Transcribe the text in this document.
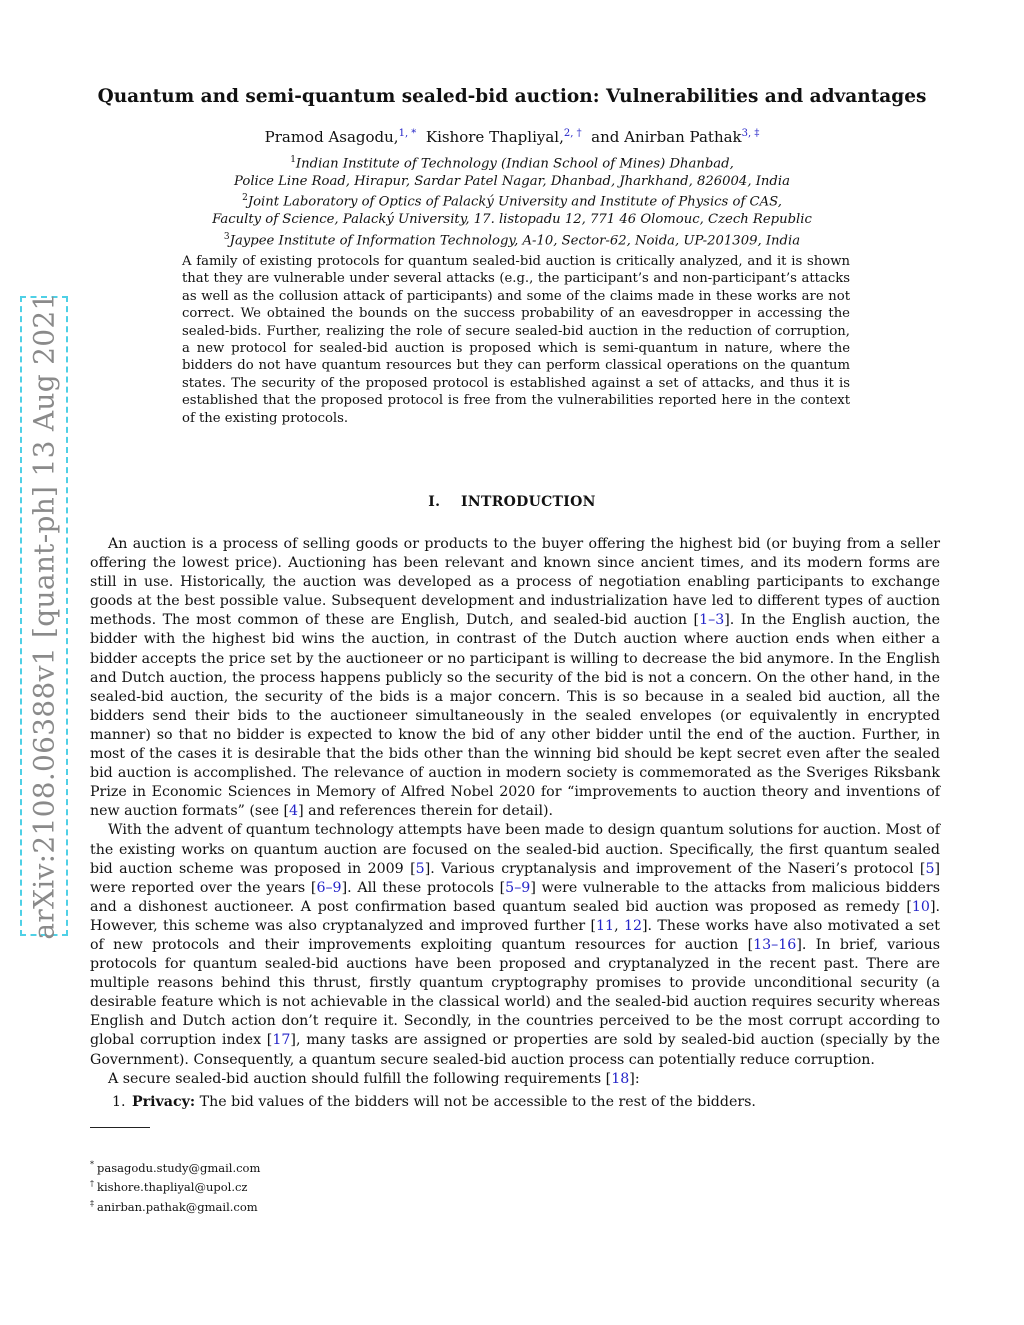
arXiv:2108.06388v1 [quant-ph] 13 Aug 2021
Quantum and semi-quantum sealed-bid auction: Vulnerabilities and advantages
Pramod Asagodu,$^{1, *}$ Kishore Thapliyal,$^{2, \dagger}$ and Anirban Pathak$^{3, \ddagger}$
$^1$Indian Institute of Technology (Indian School of Mines) Dhanbad,
Police Line Road, Hirapur, Sardar Patel Nagar, Dhanbad, Jharkhand, 826004, India
$^2$Joint Laboratory of Optics of Palacký University and Institute of Physics of CAS,
Faculty of Science, Palacký University, 17. listopadu 12, 771 46 Olomouc, Czech Republic
$^3$Jaypee Institute of Information Technology, A-10, Sector-62, Noida, UP-201309, India
A family of existing protocols for quantum sealed-bid auction is critically analyzed, and it is shown that they are vulnerable under several attacks (e.g., the participant’s and non-participant’s attacks as well as the collusion attack of participants) and some of the claims made in these works are not correct. We obtained the bounds on the success probability of an eavesdropper in accessing the sealed-bids. Further, realizing the role of secure sealed-bid auction in the reduction of corruption, a new protocol for sealed-bid auction is proposed which is semi-quantum in nature, where the bidders do not have quantum resources but they can perform classical operations on the quantum states. The security of the proposed protocol is established against a set of attacks, and thus it is established that the proposed protocol is free from the vulnerabilities reported here in the context of the existing protocols.
I. INTRODUCTION

An auction is a process of selling goods or products to the buyer offering the highest bid (or buying from a seller offering the lowest price). Auctioning has been relevant and known since ancient times, and its modern forms are still in use. Historically, the auction was developed as a process of negotiation enabling participants to exchange goods at the best possible value. Subsequent development and industrialization have led to different types of auction methods. The most common of these are English, Dutch, and sealed-bid auction [1–3]. In the English auction, the bidder with the highest bid wins the auction, in contrast of the Dutch auction where auction ends when either a bidder accepts the price set by the auctioneer or no participant is willing to decrease the bid anymore. In the English and Dutch auction, the process happens publicly so the security of the bid is not a concern. On the other hand, in the sealed-bid auction, the security of the bids is a major concern. This is so because in a sealed bid auction, all the bidders send their bids to the auctioneer simultaneously in the sealed envelopes (or equivalently in encrypted manner) so that no bidder is expected to know the bid of any other bidder until the end of the auction. Further, in most of the cases it is desirable that the bids other than the winning bid should be kept secret even after the sealed bid auction is accomplished. The relevance of auction in modern society is commemorated as the Sveriges Riksbank Prize in Economic Sciences in Memory of Alfred Nobel 2020 for “improvements to auction theory and inventions of new auction formats” (see [4] and references therein for detail).

With the advent of quantum technology attempts have been made to design quantum solutions for auction. Most of the existing works on quantum auction are focused on the sealed-bid auction. Specifically, the first quantum sealed bid auction scheme was proposed in 2009 [5]. Various cryptanalysis and improvement of the Naseri’s protocol [5] were reported over the years [6–9]. All these protocols [5–9] were vulnerable to the attacks from malicious bidders and a dishonest auctioneer. A post confirmation based quantum sealed bid auction was proposed as remedy [10]. However, this scheme was also cryptanalyzed and improved further [11, 12]. These works have also motivated a set of new protocols and their improvements exploiting quantum resources for auction [13–16]. In brief, various protocols for quantum sealed-bid auctions have been proposed and cryptanalyzed in the recent past. There are multiple reasons behind this thrust, firstly quantum cryptography promises to provide unconditional security (a desirable feature which is not achievable in the classical world) and the sealed-bid auction requires security whereas English and Dutch action don’t require it. Secondly, in the countries perceived to be the most corrupt according to global corruption index [17], many tasks are assigned or properties are sold by sealed-bid auction (specially by the Government). Consequently, a quantum secure sealed-bid auction process can potentially reduce corruption.

A secure sealed-bid auction should fulfill the following requirements [18]:

1. Privacy: The bid values of the bidders will not be accessible to the rest of the bidders.
* pasagodu.study@gmail.com
† kishore.thapliyal@upol.cz
‡ anirban.pathak@gmail.com
